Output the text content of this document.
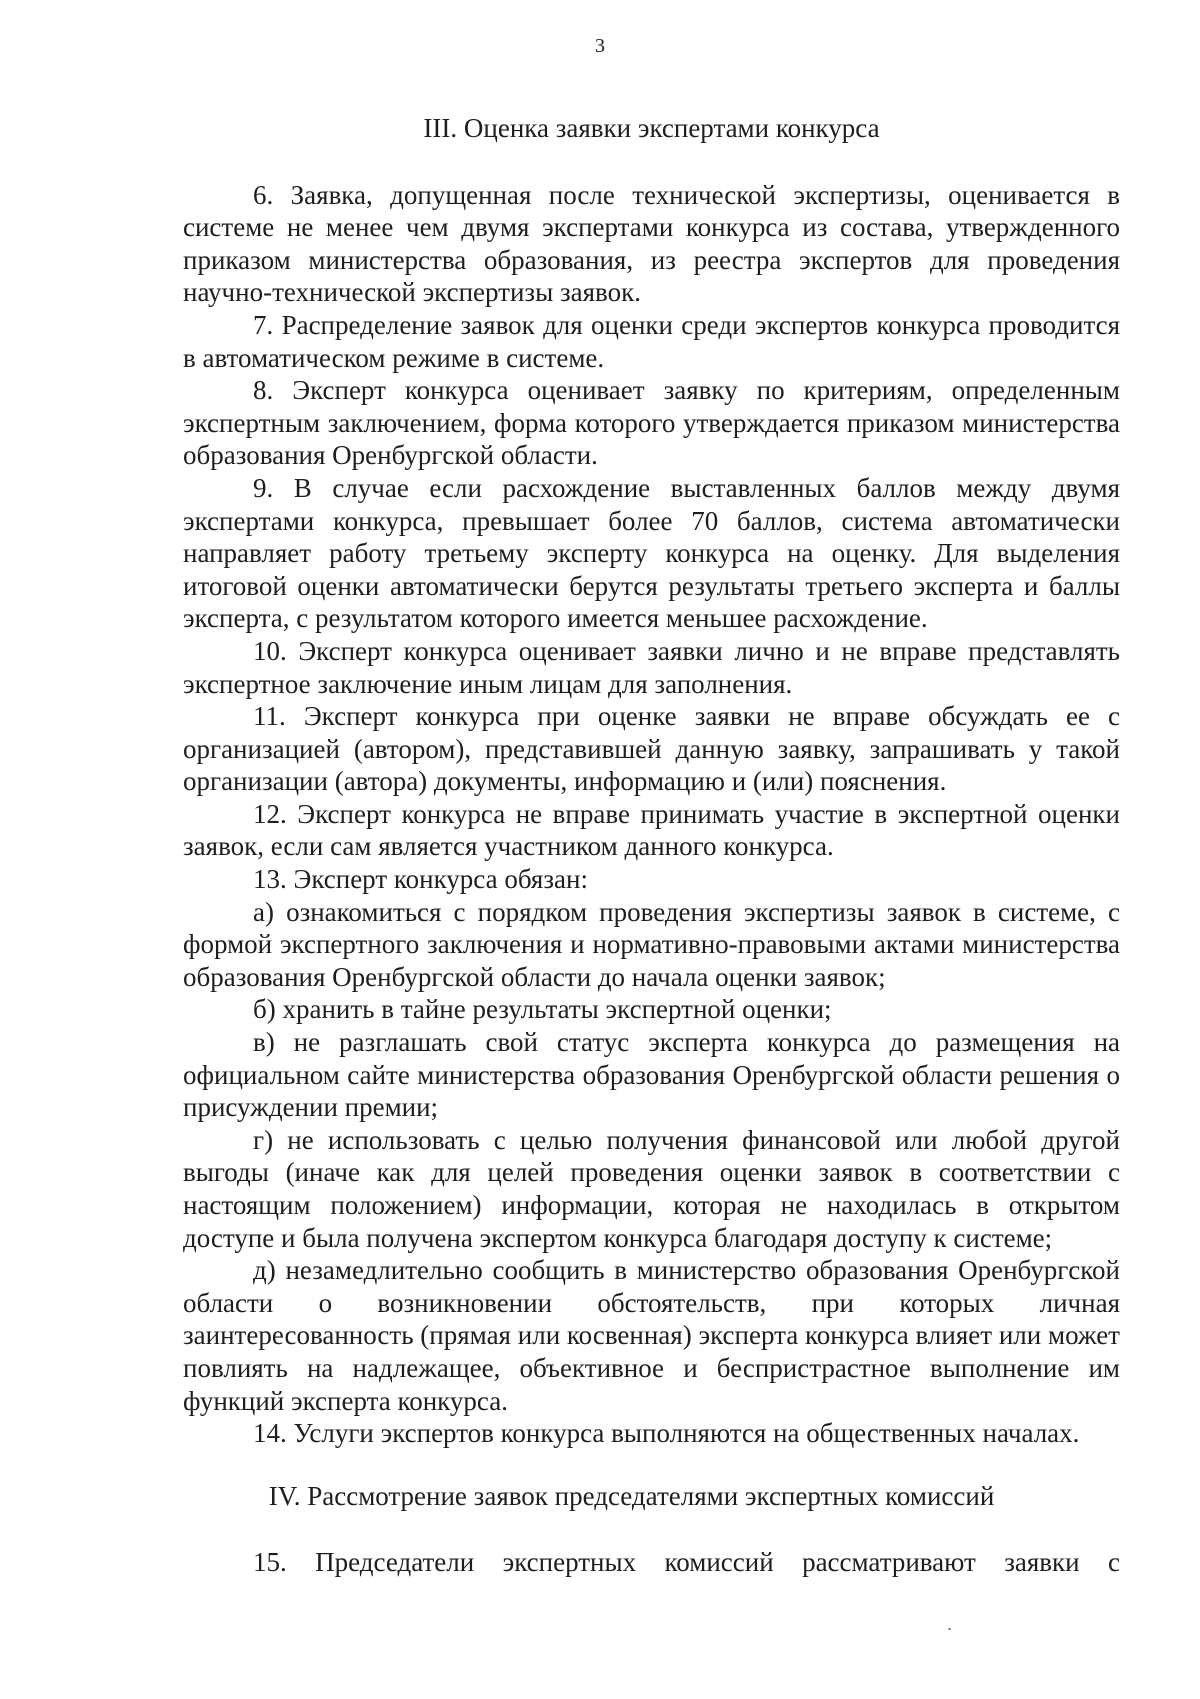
3
III. Оценка заявки экспертами конкурса

6. Заявка, допущенная после технической экспертизы, оценивается в системе не менее чем двумя экспертами конкурса из состава, утвержденного приказом министерства образования, из реестра экспертов для проведения научно-технической экспертизы заявок.

7. Распределение заявок для оценки среди экспертов конкурса проводится в автоматическом режиме в системе.

8. Эксперт конкурса оценивает заявку по критериям, определенным экспертным заключением, форма которого утверждается приказом министерства образования Оренбургской области.

9. В случае если расхождение выставленных баллов между двумя экспертами конкурса, превышает более 70 баллов, система автоматически направляет работу третьему эксперту конкурса на оценку. Для выделения итоговой оценки автоматически берутся результаты третьего эксперта и баллы эксперта, с результатом которого имеется меньшее расхождение.

10. Эксперт конкурса оценивает заявки лично и не вправе представлять экспертное заключение иным лицам для заполнения.

11. Эксперт конкурса при оценке заявки не вправе обсуждать ее с организацией (автором), представившей данную заявку, запрашивать у такой организации (автора) документы, информацию и (или) пояснения.

12. Эксперт конкурса не вправе принимать участие в экспертной оценки заявок, если сам является участником данного конкурса.

13. Эксперт конкурса обязан:

а) ознакомиться с порядком проведения экспертизы заявок в системе, с формой экспертного заключения и нормативно-правовыми актами министерства образования Оренбургской области до начала оценки заявок;

б) хранить в тайне результаты экспертной оценки;

в) не разглашать свой статус эксперта конкурса до размещения на официальном сайте министерства образования Оренбургской области решения о присуждении премии;

г) не использовать с целью получения финансовой или любой другой выгоды (иначе как для целей проведения оценки заявок в соответствии с настоящим положением) информации, которая не находилась в открытом доступе и была получена экспертом конкурса благодаря доступу к системе;

д) незамедлительно сообщить в министерство образования Оренбургской области о возникновении обстоятельств, при которых личная заинтересованность (прямая или косвенная) эксперта конкурса влияет или может повлиять на надлежащее, объективное и беспристрастное выполнение им функций эксперта конкурса.

14. Услуги экспертов конкурса выполняются на общественных началах.

IV. Рассмотрение заявок председателями экспертных комиссий

15. Председатели экспертных комиссий рассматривают заявки с
